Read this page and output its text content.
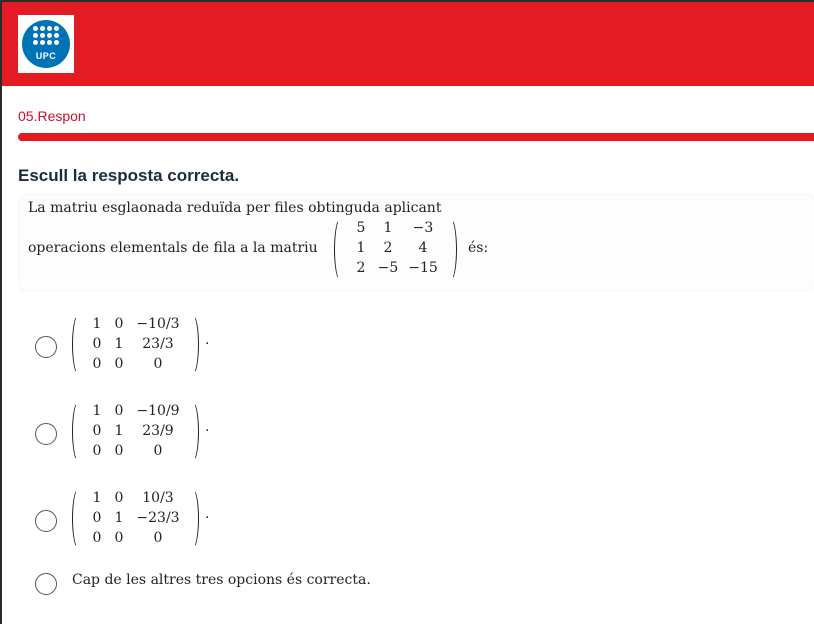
UPC
05.Respon
Escull la resposta correcta.
La matriu esglaonada reduïda per files obtinguda aplicant
operacions elementals de fila a la matriu
5	1	−3
1	2	4
2 −5 −15
és:
1 0 −10/3
0 1	23/3
0 0	0
.
1 0 −10/9
0 1	23/9
0 0	0
.
1 0	10/3
0 1 −23/3
0 0	0
.
Cap de les altres tres opcions és correcta.
